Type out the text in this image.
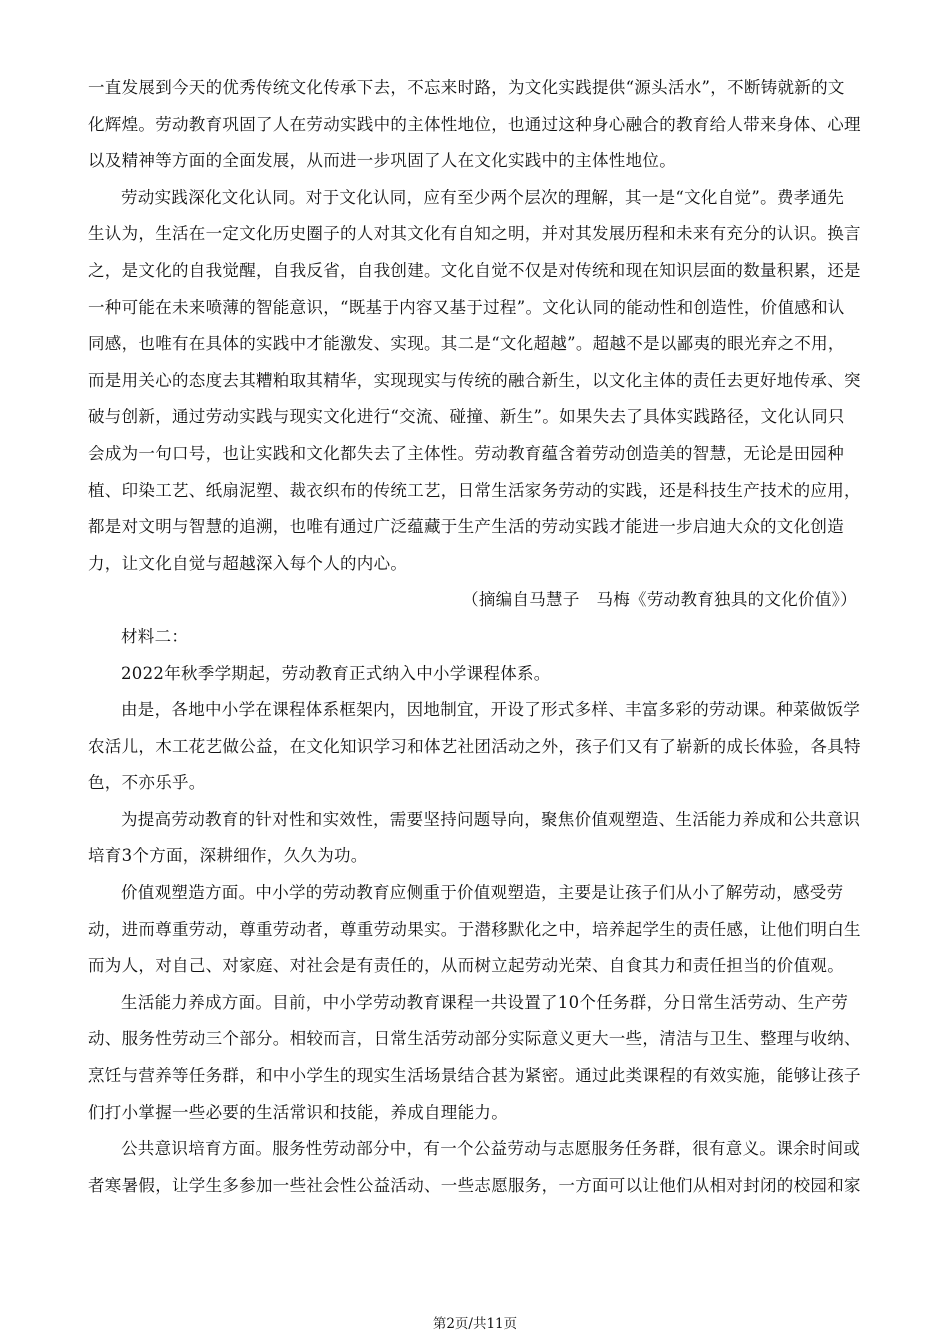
一直发展到今天的优秀传统文化传承下去，不忘来时路，为文化实践提供“源头活水”，不断铸就新的文
化辉煌。劳动教育巩固了人在劳动实践中的主体性地位，也通过这种身心融合的教育给人带来身体、心理
以及精神等方面的全面发展，从而进一步巩固了人在文化实践中的主体性地位。
劳动实践深化文化认同。对于文化认同，应有至少两个层次的理解，其一是“文化自觉”。费孝通先
生认为，生活在一定文化历史圈子的人对其文化有自知之明，并对其发展历程和未来有充分的认识。换言
之，是文化的自我觉醒，自我反省，自我创建。文化自觉不仅是对传统和现在知识层面的数量积累，还是
一种可能在未来喷薄的智能意识，“既基于内容又基于过程”。文化认同的能动性和创造性，价值感和认
同感，也唯有在具体的实践中才能激发、实现。其二是“文化超越”。超越不是以鄙夷的眼光弃之不用，
而是用关心的态度去其糟粕取其精华，实现现实与传统的融合新生，以文化主体的责任去更好地传承、突
破与创新，通过劳动实践与现实文化进行“交流、碰撞、新生”。如果失去了具体实践路径，文化认同只
会成为一句口号，也让实践和文化都失去了主体性。劳动教育蕴含着劳动创造美的智慧，无论是田园种
植、印染工艺、纸扇泥塑、裁衣织布的传统工艺，日常生活家务劳动的实践，还是科技生产技术的应用，
都是对文明与智慧的追溯，也唯有通过广泛蕴藏于生产生活的劳动实践才能进一步启迪大众的文化创造
力，让文化自觉与超越深入每个人的内心。
（摘编自马慧子　马梅《劳动教育独具的文化价值》）
材料二：
2022年秋季学期起，劳动教育正式纳入中小学课程体系。
由是，各地中小学在课程体系框架内，因地制宜，开设了形式多样、丰富多彩的劳动课。种菜做饭学
农活儿，木工花艺做公益，在文化知识学习和体艺社团活动之外，孩子们又有了崭新的成长体验，各具特
色，不亦乐乎。
为提高劳动教育的针对性和实效性，需要坚持问题导向，聚焦价值观塑造、生活能力养成和公共意识
培育3个方面，深耕细作，久久为功。
价值观塑造方面。中小学的劳动教育应侧重于价值观塑造，主要是让孩子们从小了解劳动，感受劳
动，进而尊重劳动，尊重劳动者，尊重劳动果实。于潜移默化之中，培养起学生的责任感，让他们明白生
而为人，对自己、对家庭、对社会是有责任的，从而树立起劳动光荣、自食其力和责任担当的价值观。
生活能力养成方面。目前，中小学劳动教育课程一共设置了10个任务群，分日常生活劳动、生产劳
动、服务性劳动三个部分。相较而言，日常生活劳动部分实际意义更大一些，清洁与卫生、整理与收纳、
烹饪与营养等任务群，和中小学生的现实生活场景结合甚为紧密。通过此类课程的有效实施，能够让孩子
们打小掌握一些必要的生活常识和技能，养成自理能力。
公共意识培育方面。服务性劳动部分中，有一个公益劳动与志愿服务任务群，很有意义。课余时间或
者寒暑假，让学生多参加一些社会性公益活动、一些志愿服务，一方面可以让他们从相对封闭的校园和家
第2页/共11页
